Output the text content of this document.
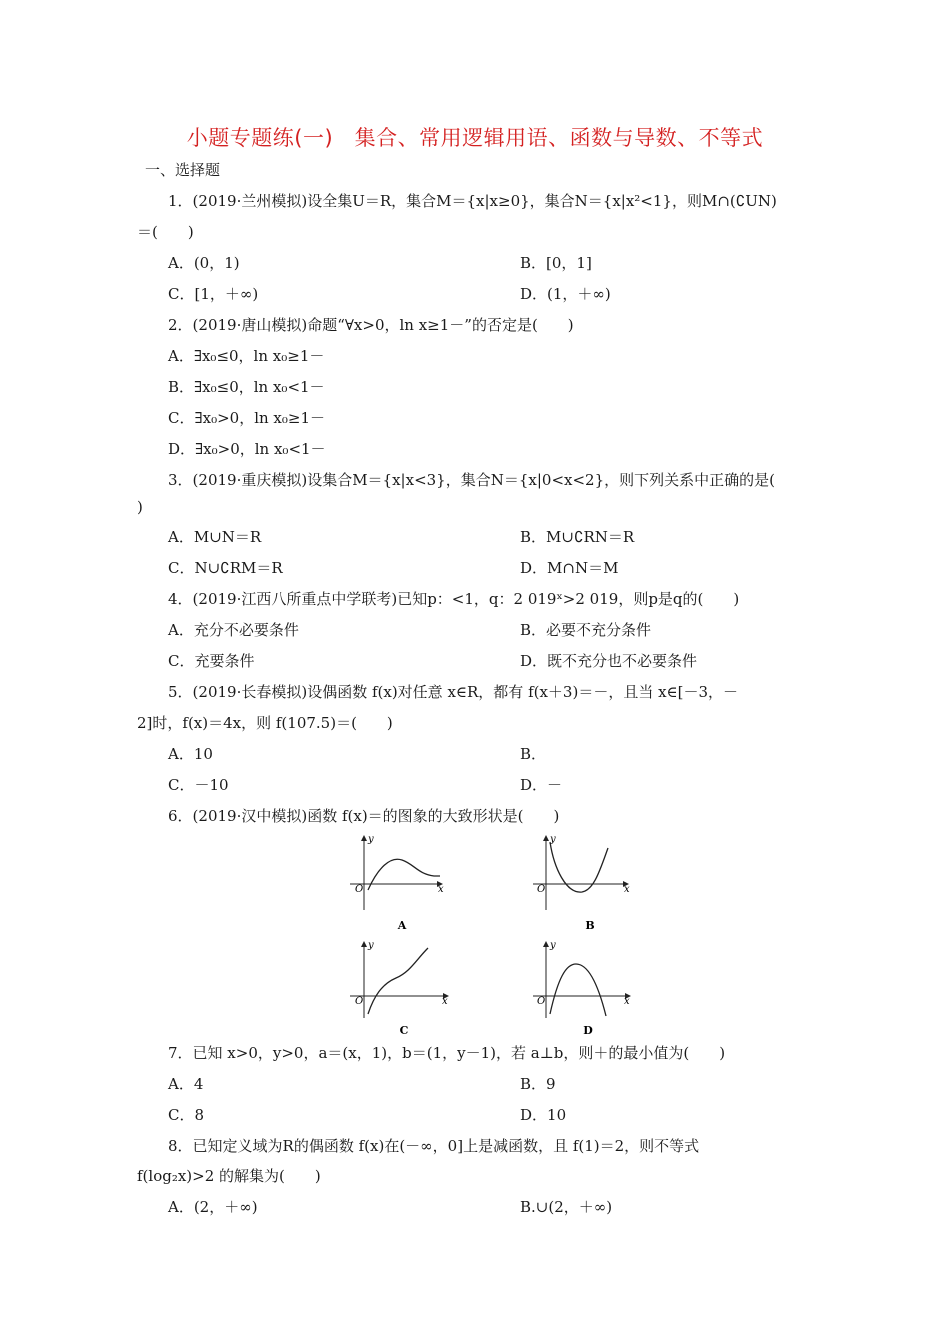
小题专题练(一)　集合、常用逻辑用语、函数与导数、不等式
一、选择题
1．(2019·兰州模拟)设全集U＝R，集合M＝{x|x≥0}，集合N＝{x|x²<1}，则M∩(∁UN)
＝(　　)
A．(0，1)	B．[0，1]
C．[1，＋∞)	D．(1，＋∞)
2．(2019·唐山模拟)命题“∀x>0，ln x≥1－”的否定是(　　)
A．∃x₀≤0，ln x₀≥1－
B．∃x₀≤0，ln x₀<1－
C．∃x₀>0，ln x₀≥1－
D．∃x₀>0，ln x₀<1－
3．(2019·重庆模拟)设集合M＝{x|x<3}，集合N＝{x|0<x<2}，则下列关系中正确的是(
)
A．M∪N＝R	B．M∪∁RN＝R
C．N∪∁RM＝R	D．M∩N＝M
4．(2019·江西八所重点中学联考)已知p：<1，q：2 019ˣ>2 019，则p是q的(　　)
A．充分不必要条件	B．必要不充分条件
C．充要条件	D．既不充分也不必要条件
5．(2019·长春模拟)设偶函数 f(x)对任意 x∈R，都有 f(x＋3)＝－，且当 x∈[－3，－
2]时，f(x)＝4x，则 f(107.5)＝(　　)
A．10	B．
C．－10	D．－
6．(2019·汉中模拟)函数 f(x)＝的图象的大致形状是(　　)
y
x
O
A
y
x
O
B
y
x
O
C
y
x
O
D
7．已知 x>0，y>0，a＝(x，1)，b＝(1，y－1)，若 a⊥b，则＋的最小值为(　　)
A．4	B．9
C．8	D．10
8．已知定义域为R的偶函数 f(x)在(－∞，0]上是减函数，且 f(1)＝2，则不等式
f(log₂x)>2 的解集为(　　)
A．(2，＋∞)	B.∪(2，＋∞)
